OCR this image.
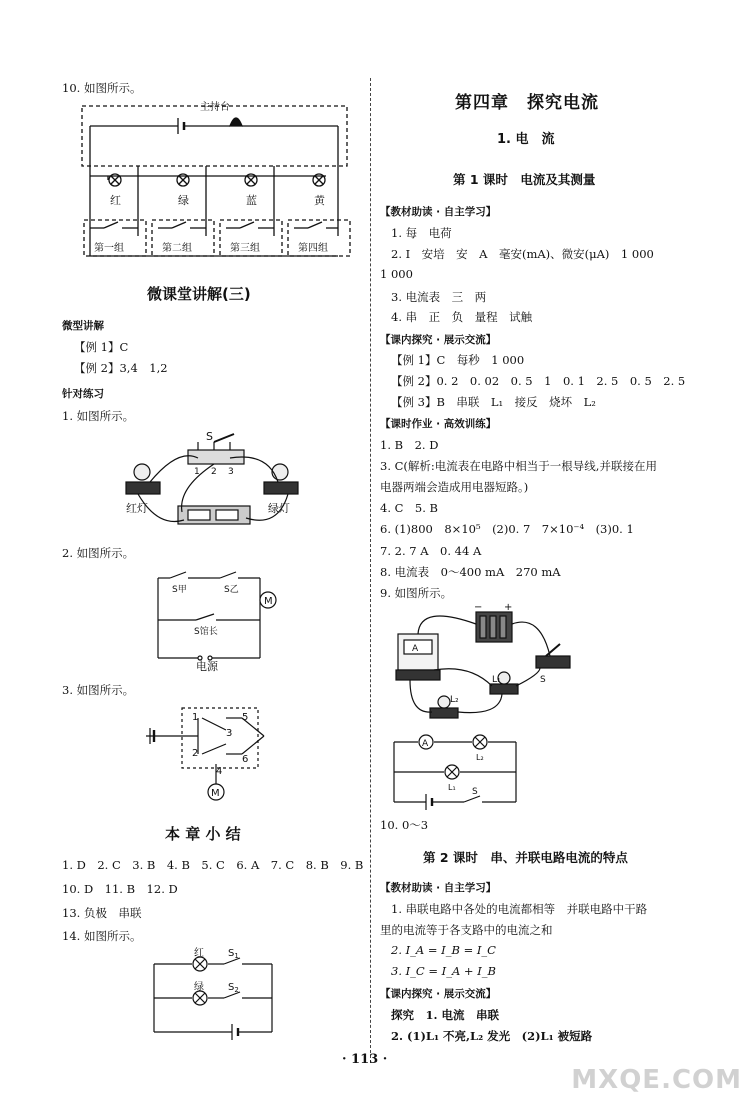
10. 如图所示。
主持台
红	绿	蓝	黄
第一组	第二组	第三组	第四组
微课堂讲解(三)
微型讲解
【例 1】C
【例 2】3,4　1,2
针对练习
1. 如图所示。
S
1 2 3
红灯	绿灯
2. 如图所示。
S甲	S乙
M
S馆长
电源
3. 如图所示。
1
2
3
4
5
6
M
本 章 小 结
1. D　2. C　3. B　4. B　5. C　6. A　7. C　8. B　9. B
10. D　11. B　12. D
13. 负极　串联
14. 如图所示。
红
绿
$S_1$
$S_2$
第四章　探究电流
1. 电　流
第 1 课时　电流及其测量
【教材助读 · 自主学习】
1. 每　电荷
2. I　安培　安　A　毫安(mA)、微安(μA)　1 000
1 000
3. 电流表　三　两
4. 串　正　负　量程　试触
【课内探究 · 展示交流】
【例 1】C　每秒　1 000
【例 2】0. 2　0. 02　0. 5　1　0. 1　2. 5　0. 5　2. 5
【例 3】B　串联　L₁　接反　烧坏　L₂
【课时作业 · 高效训练】
1. B　2. D
3. C(解析:电流表在电路中相当于一根导线,并联接在用
电器两端会造成用电器短路。)
4. C　5. B
6. (1)800　8×10⁵　(2)0. 7　7×10⁻⁴　(3)0. 1
7. 2. 7 A　0. 44 A
8. 电流表　0～400 mA　270 mA
9. 如图所示。
A
+
−
L₁	S
L₂
A
L₂
L₁ S
10. 0～3
第 2 课时　串、并联电路电流的特点
【教材助读 · 自主学习】
1. 串联电路中各处的电流都相等　并联电路中干路
里的电流等于各支路中的电流之和
2. I_A = I_B = I_C
3. I_C = I_A + I_B
【课内探究 · 展示交流】
探究　1. 电流　串联
2. (1)L₁ 不亮,L₂ 发光　(2)L₁ 被短路
· 113 ·
MXQE.COM
